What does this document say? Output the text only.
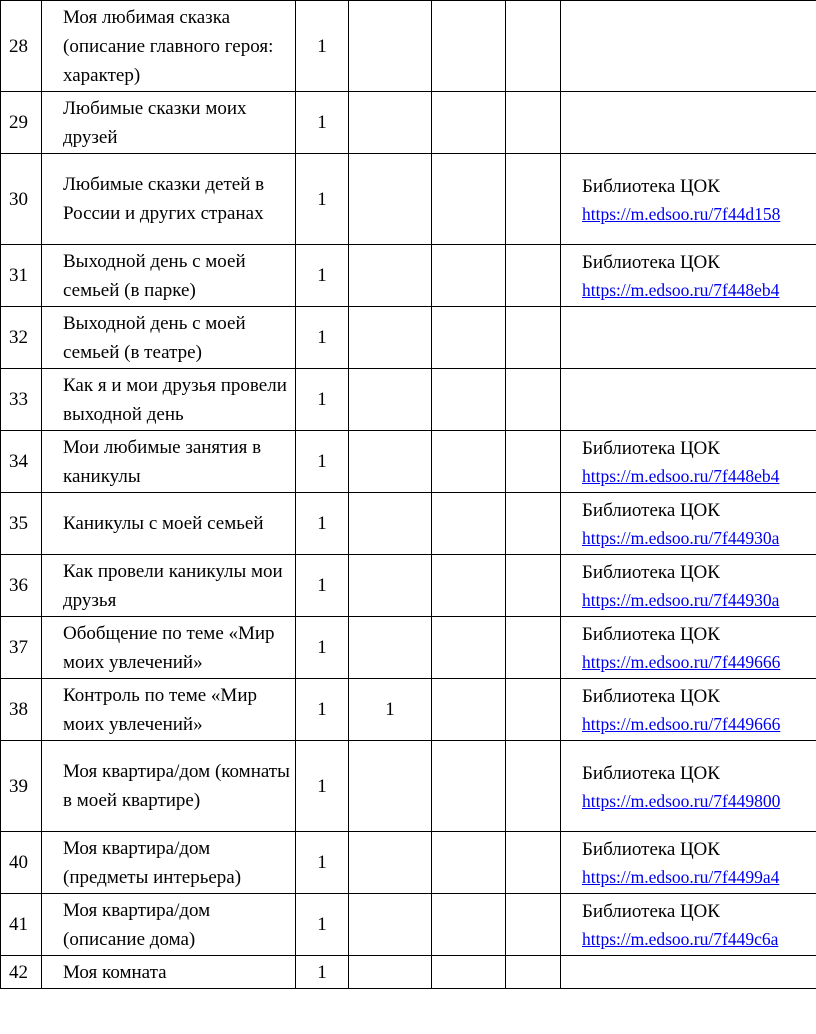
28	Моя любимая сказка (описание главного героя: характер)	1				
29	Любимые сказки моих друзей	1				
30	Любимые сказки детей в России и других странах	1				Библиотека ЦОК
https://m.edsoo.ru/7f44d158

31	Выходной день с моей семьей (в парке)	1				Библиотека ЦОК
https://m.edsoo.ru/7f448eb4

32	Выходной день с моей семьей (в театре)	1				
33	Как я и мои друзья провели выходной день	1				
34	Мои любимые занятия в каникулы	1				Библиотека ЦОК
https://m.edsoo.ru/7f448eb4

35	Каникулы с моей семьей	1				Библиотека ЦОК
https://m.edsoo.ru/7f44930a

36	Как провели каникулы мои друзья	1				Библиотека ЦОК
https://m.edsoo.ru/7f44930a

37	Обобщение по теме «Мир моих увлечений»	1				Библиотека ЦОК
https://m.edsoo.ru/7f449666

38	Контроль по теме «Мир моих увлечений»	1	1			Библиотека ЦОК
https://m.edsoo.ru/7f449666

39	Моя квартира/дом (комнаты в моей квартире)	1				Библиотека ЦОК
https://m.edsoo.ru/7f449800

40	Моя квартира/дом (предметы интерьера)	1				Библиотека ЦОК
https://m.edsoo.ru/7f4499a4

41	Моя квартира/дом (описание дома)	1				Библиотека ЦОК
https://m.edsoo.ru/7f449c6a

42	Моя комната	1				
